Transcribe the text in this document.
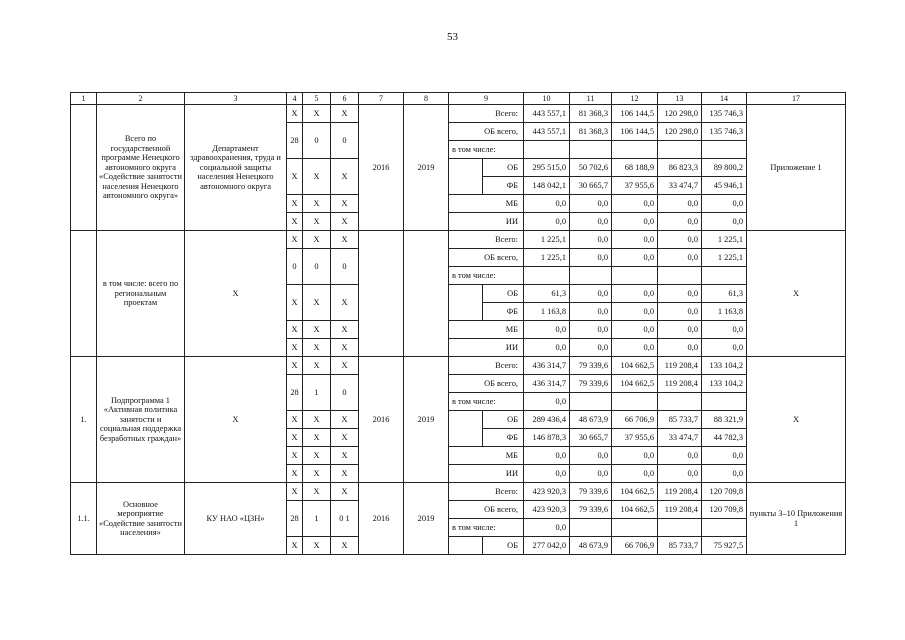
53
1	2	3	4	5	6	7	8	9		10	11	12	13	14	17
	Всего по государственной программе Ненецкого автономного округа «Содействие занятости населения Ненецкого автономного округа»	Департамент здравоохранения, труда и социальной защиты населения Ненецкого автономного округа	Х	Х	Х	2016	2019	Всего:		443 557,1	81 368,3	106 144,5	120 298,0	135 746,3	Приложение 1
			28	0	0			ОБ всего,		443 557,1	81 368,3	106 144,5	120 298,0	135 746,3	
								в том числе:							
			Х	Х	Х				ОБ	295 515,0	50 702,6	68 188,9	86 823,3	89 800,2	
									ФБ	148 042,1	30 665,7	37 955,6	33 474,7	45 946,1	
			Х	Х	Х			МБ		0,0	0,0	0,0	0,0	0,0	
			Х	Х	Х			ИИ		0,0	0,0	0,0	0,0	0,0	
	в том числе: всего по региональным проектам	Х	Х	Х	Х			Всего:		1 225,1	0,0	0,0	0,0	1 225,1	Х
			0	0	0			ОБ всего,		1 225,1	0,0	0,0	0,0	1 225,1	
								в том числе:							
			Х	Х	Х				ОБ	61,3	0,0	0,0	0,0	61,3	
									ФБ	1 163,8	0,0	0,0	0,0	1 163,8	
			Х	Х	Х			МБ		0,0	0,0	0,0	0,0	0,0	
			Х	Х	Х			ИИ		0,0	0,0	0,0	0,0	0,0	
1.	Подпрограмма 1 «Активная политика занятости и социальная поддержка безработных граждан»	Х	Х	Х	Х	2016	2019	Всего:		436 314,7	79 339,6	104 662,5	119 208,4	133 104,2	Х
			28	1	0			ОБ всего,		436 314,7	79 339,6	104 662,5	119 208,4	133 104,2	
								в том числе:		0,0					
			Х	Х	Х				ОБ	289 436,4	48 673,9	66 706,9	85 733,7	88 321,9	
			Х	Х	Х				ФБ	146 878,3	30 665,7	37 955,6	33 474,7	44 782,3	
			Х	Х	Х			МБ		0,0	0,0	0,0	0,0	0,0	
			Х	Х	Х			ИИ		0,0	0,0	0,0	0,0	0,0	
1.1.	Основное мероприятие «Содействие занятости населения»	КУ НАО «ЦЗН»	Х	Х	Х	2016	2019	Всего:		423 920,3	79 339,6	104 662,5	119 208,4	120 709,8	пункты 3–10 Приложения 1
			28	1	0 1			ОБ всего,		423 920,3	79 339,6	104 662,5	119 208,4	120 709,8	
								в том числе:		0,0					
			Х	Х	Х				ОБ	277 042,0	48 673,9	66 706,9	85 733,7	75 927,5	
